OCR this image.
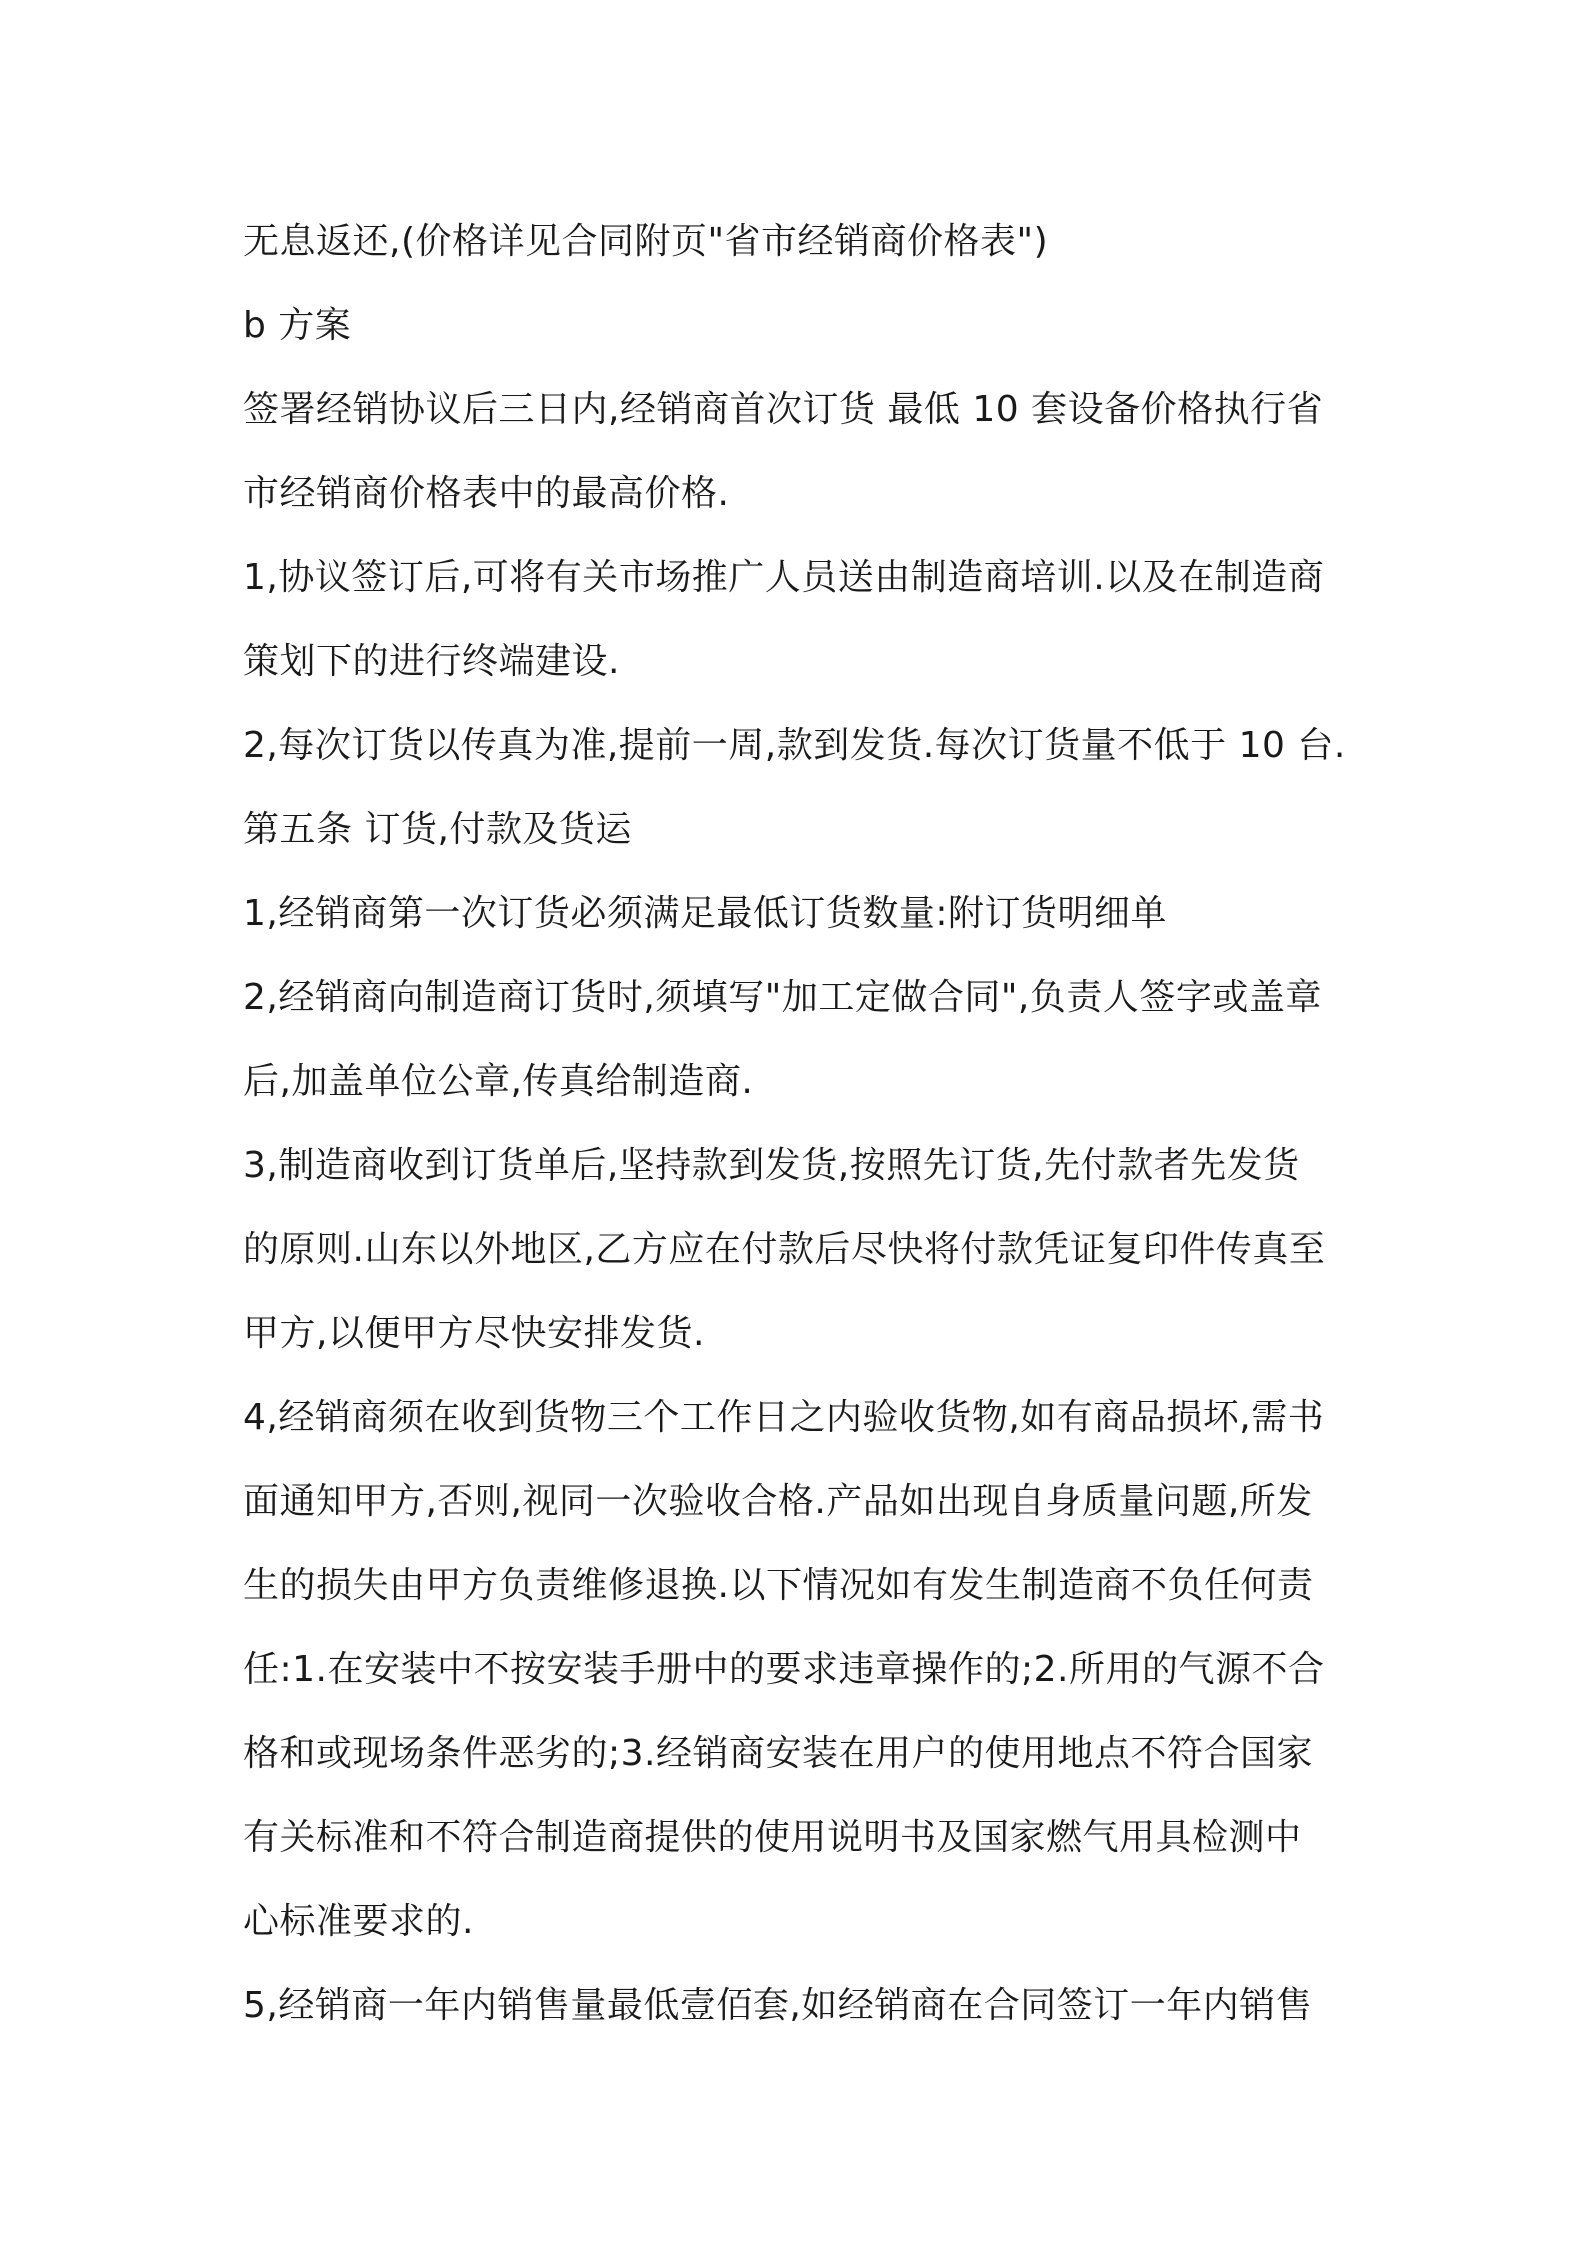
无息返还,(价格详见合同附页"省市经销商价格表")
b 方案
签署经销协议后三日内,经销商首次订货 最低 10 套设备价格执行省
市经销商价格表中的最高价格.
1,协议签订后,可将有关市场推广人员送由制造商培训.以及在制造商
策划下的进行终端建设.
2,每次订货以传真为准,提前一周,款到发货.每次订货量不低于 10 台.
第五条 订货,付款及货运
1,经销商第一次订货必须满足最低订货数量:附订货明细单
2,经销商向制造商订货时,须填写"加工定做合同",负责人签字或盖章
后,加盖单位公章,传真给制造商.
3,制造商收到订货单后,坚持款到发货,按照先订货,先付款者先发货
的原则.山东以外地区,乙方应在付款后尽快将付款凭证复印件传真至
甲方,以便甲方尽快安排发货.
4,经销商须在收到货物三个工作日之内验收货物,如有商品损坏,需书
面通知甲方,否则,视同一次验收合格.产品如出现自身质量问题,所发
生的损失由甲方负责维修退换.以下情况如有发生制造商不负任何责
任:1.在安装中不按安装手册中的要求违章操作的;2.所用的气源不合
格和或现场条件恶劣的;3.经销商安装在用户的使用地点不符合国家
有关标准和不符合制造商提供的使用说明书及国家燃气用具检测中
心标准要求的.
5,经销商一年内销售量最低壹佰套,如经销商在合同签订一年内销售
